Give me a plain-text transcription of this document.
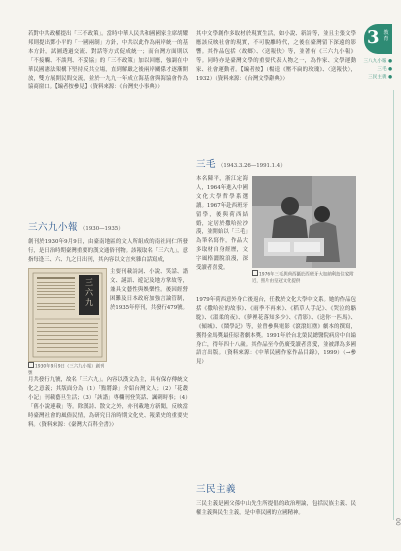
3 教育
三八九小報 ●
三毛 ●
三民主義 ●
00
若對中共政權提出「三不政策」。當時中華人民共和國國家主席胡耀邦則提出鄧小平的「一國兩制」方針，中共以此作為兩岸統一的基本方針，試圖透過交流、對話等方式促成統一；而台灣方面則以「不接觸、不談判、不妥協」的「三不政策」加以回應，強調在中華民國憲法架構下堅持反共立場，直到解嚴之後兩岸關係才逐漸開放，雙方展開民間交流，並於一九九一年成立海基會與海協會作為協商窗口。【編者按參見】（資料來源：《台灣史小事典》）
三六九小報 （1930—1935）
創刊於1930年9月9日，由臺南地區的文人所組成的南社同仁所發行，是日治時期臺灣重要的漢文通俗刊物。該報取名「三六九」，意指每逢三、六、九之日出刊，其內容以文言夾雜白話寫成，
三
六
九
1930年9月9日（三六九小報）創刊號
主要刊載詩詞、小說、笑話、諧文、謎語、遊記及地方掌故等，兼具文藝性與娛樂性。後因經營困難及日本政府加強言論管制，於1935年停刊，共發行479號。
月共發行九號，故名「三六九」。內容以漢文為主，具有保存傳統文化之意義；其版面分為（1）「點將錄」介紹台灣文人；（2）「花叢小記」刊載藝旦生活；（3）「詼諧」專欄刊登笑話、諷刺時事；（4）「舊小說連載」等。除漢詩、散文之外，亦刊載地方新聞，反映當時臺灣社會的風俗民情，為研究日治時期文化史、報業史的重要史料。（資料來源：《臺灣大百科全書》）
其中文學創作多取材於現實生活，如小說、新詩等，並且主張文學應該反映社會的現實，不可脫離時代，之後在臺灣留下深遠的影響。其作品包括〈故鄉〉、〈送報伕〉等，並著有《三六九小報》等。同時亦是臺灣文學的重要代表人物之一，為作家、文學運動家、社會運動者。【編者按】（楊逵《壓不扁的玫瑰》、〈送報伕〉，1932）（資料來源：《台灣文學辭典》）
三毛 （1943.3.26—1991.1.4）
本名陳平，浙江定海人，1964年進入中國文化大學哲學系選讀。1967年赴西班牙留學，後與荷西結婚，定居於撒哈拉沙漠，並開始以「三毛」為筆名寫作，作品大多取材自身經歷，文字風格灑脫浪漫，深受讀者喜愛。
1976年三毛與荷西攝於西班牙大加納利島住家附近，照片由皇冠文化提供
1979年荷西意外身亡後返台，任教於文化大學中文系。她的作品包括《撒哈拉的故事》、《雨季不再來》、《稻草人手記》、《哭泣的駱駝》、《溫柔的夜》、《夢裡花落知多少》、《背影》、《送你一匹馬》、《傾城》、《鬧學記》等，並曾參與電影《滾滾紅塵》劇本的撰寫，獲得金馬獎最佳原著劇本獎。1991年於台北榮民總醫院病房中自縊身亡，得年四十八歲。其作品至今仍廣受讀者喜愛，並被譯為多國語言出版。（資料來源：《中華民國作家作品目錄》，1999）（→參見）
三民主義
三民主義是國父孫中山先生所提倡的政治理論，包括民族主義、民權主義與民生主義，是中華民國的立國精神。
